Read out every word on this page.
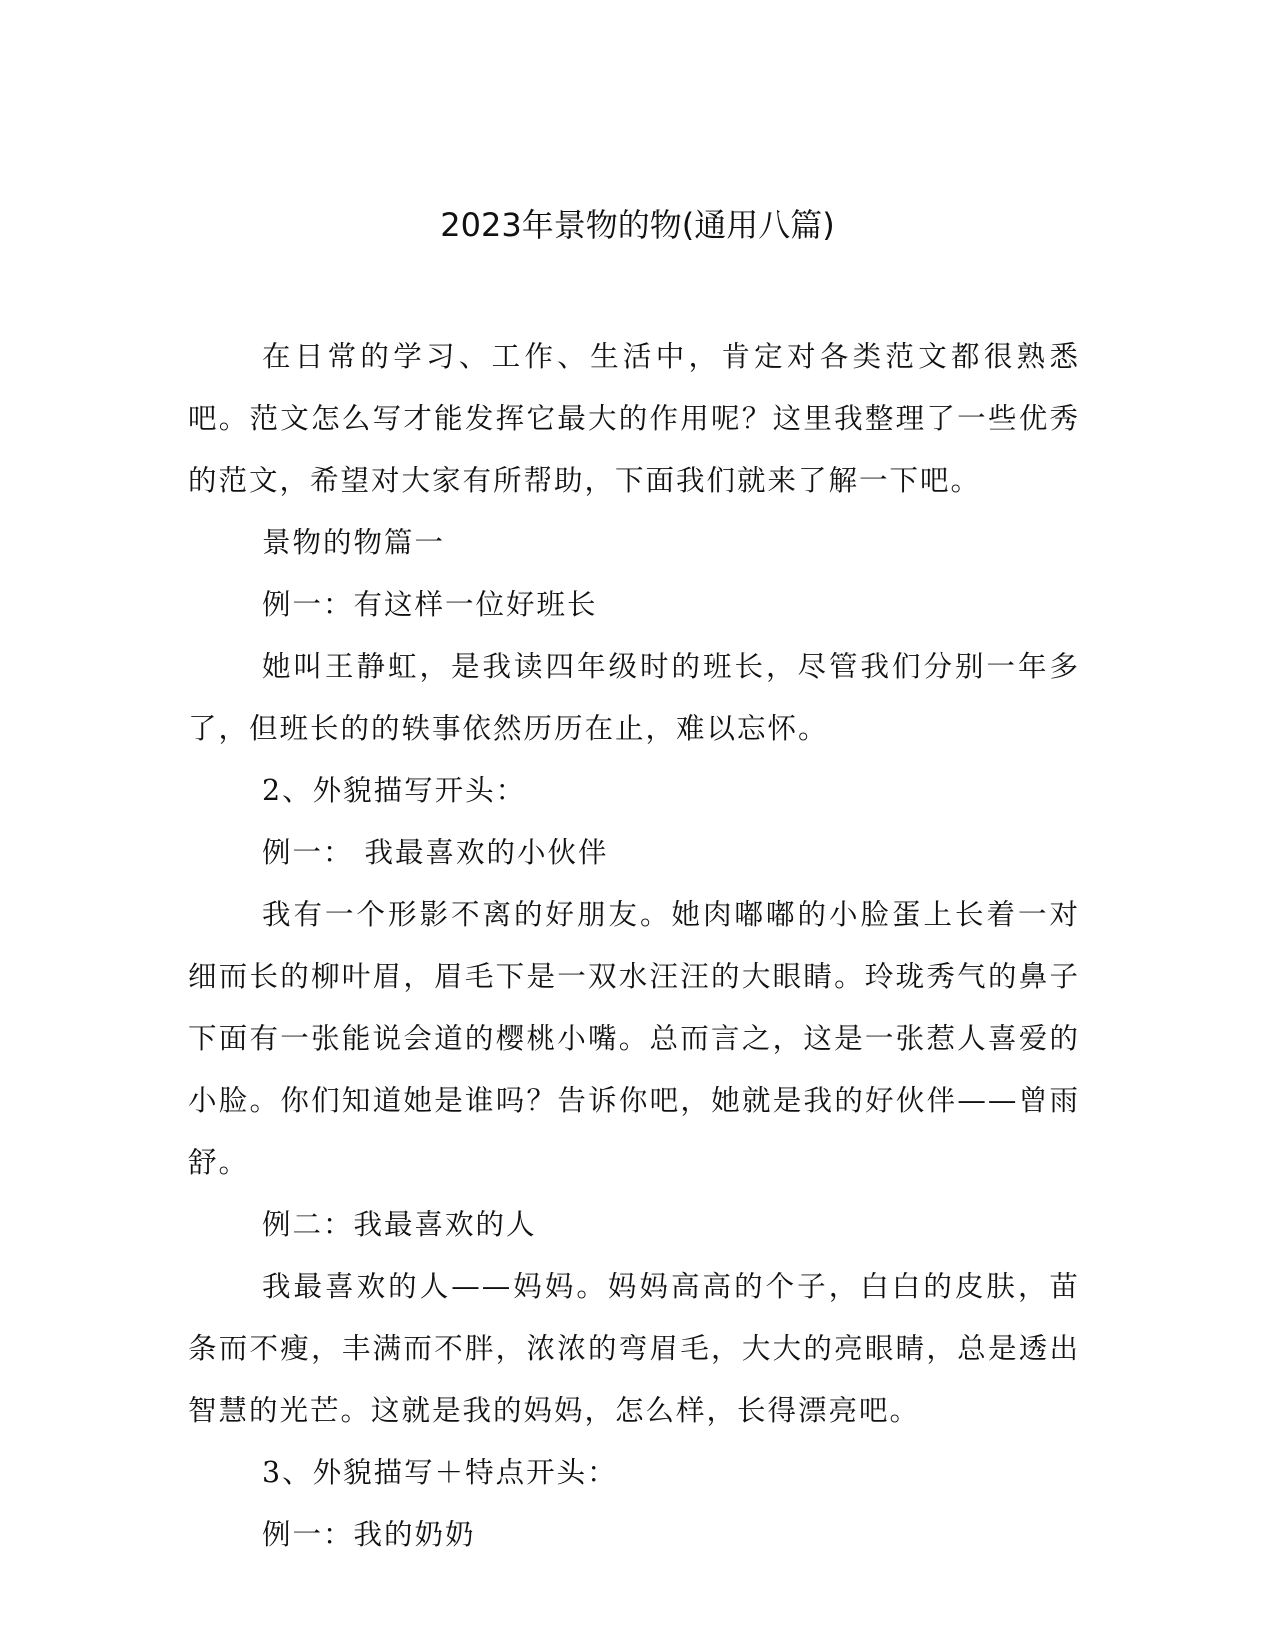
2023年景物的物(通用八篇)

在日常的学习、工作、生活中，肯定对各类范文都很熟悉吧。范文怎么写才能发挥它最大的作用呢？这里我整理了一些优秀的范文，希望对大家有所帮助，下面我们就来了解一下吧。

景物的物篇一

例一：有这样一位好班长

她叫王静虹，是我读四年级时的班长，尽管我们分别一年多了，但班长的的轶事依然历历在止，难以忘怀。

2、外貌描写开头：

例一： 我最喜欢的小伙伴

我有一个形影不离的好朋友。她肉嘟嘟的小脸蛋上长着一对细而长的柳叶眉，眉毛下是一双水汪汪的大眼睛。玲珑秀气的鼻子下面有一张能说会道的樱桃小嘴。总而言之，这是一张惹人喜爱的小脸。你们知道她是谁吗？告诉你吧，她就是我的好伙伴——曾雨舒。

例二：我最喜欢的人

我最喜欢的人——妈妈。妈妈高高的个子，白白的皮肤，苗条而不瘦，丰满而不胖，浓浓的弯眉毛，大大的亮眼睛，总是透出智慧的光芒。这就是我的妈妈，怎么样，长得漂亮吧。

3、外貌描写＋特点开头：

例一：我的奶奶
